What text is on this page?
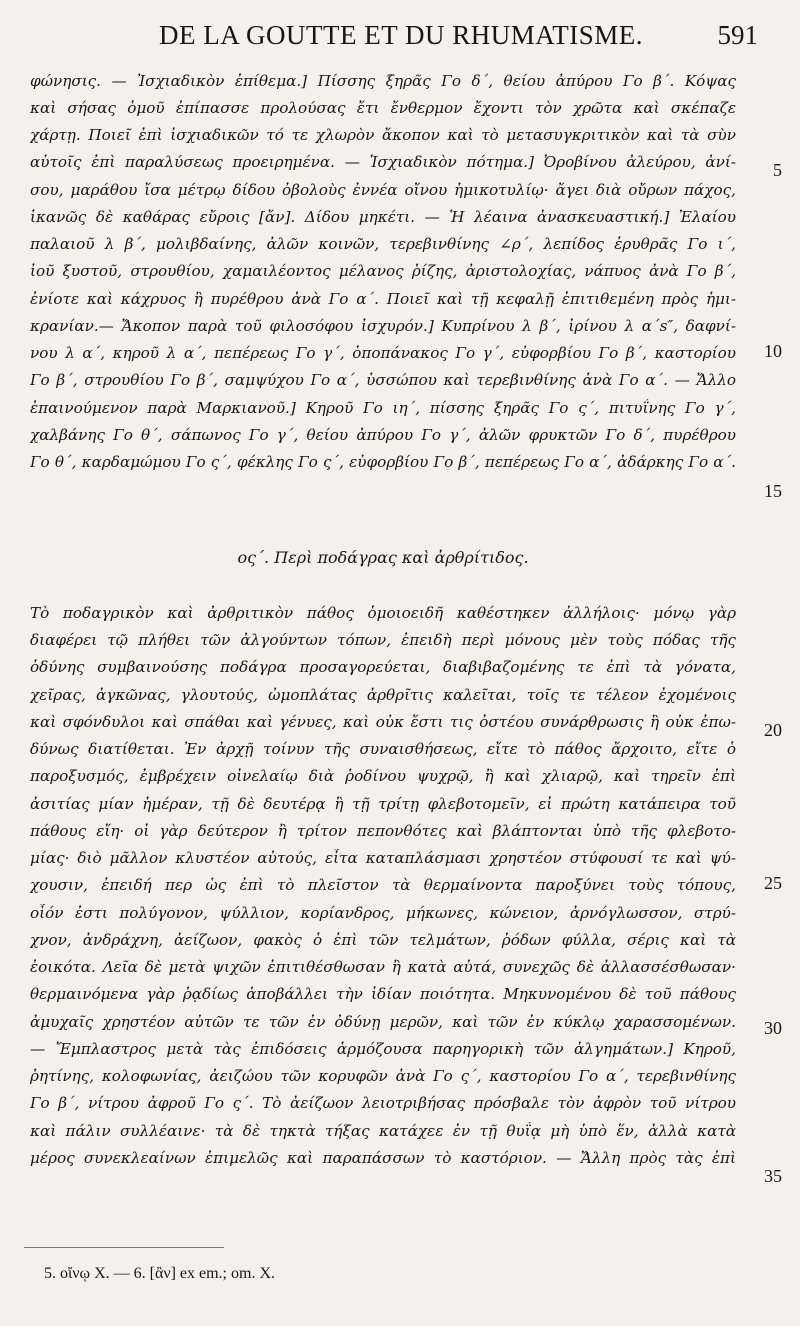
DE LA GOUTTE ET DU RHUMATISME.	591
φώνησις. — Ἰσχιαδικὸν ἐπίθεμα.] Πίσσης ξηρᾶς Γο δ΄, θείου ἀπύρου Γο β΄. Κόψας
καὶ σήσας ὁμοῦ ἐπίπασσε προλούσας ἔτι ἔνθερμον ἔχοντι τὸν χρῶτα καὶ σκέπαζε
χάρτῃ. Ποιεῖ ἐπὶ ἰσχιαδικῶν τό τε χλωρὸν ἄκοπον καὶ τὸ μετασυγκριτικὸν καὶ τὰ σὺν
αὐτοῖς ἐπὶ παραλύσεως προειρημένα. — Ἰσχιαδικὸν πότημα.] Ὀροβίνου ἀλεύρου, ἀνί-
σου, μαράθου ἴσα μέτρῳ δίδου ὀβολοὺς ἐννέα οἴνου ἡμικοτυλίῳ· ἄγει διὰ οὔρων πάχος,
ἱκανῶς δὲ καθάρας εὔροις [ἄν]. Δίδου μηκέτι. — Ἡ λέαινα ἀνασκευαστική.] Ἐλαίου
παλαιοῦ λ β΄, μολιβδαίνης, ἀλῶν κοινῶν, τερεβινθίνης ∠ρ΄, λεπίδος ἐρυθρᾶς Γο ι΄,
ἰοῦ ξυστοῦ, στρουθίου, χαμαιλέοντος μέλανος ῥίζης, ἀριστολοχίας, νάπυος ἀνὰ Γο β΄,
ἐνίοτε καὶ κάχρυος ἢ πυρέθρου ἀνὰ Γο α΄. Ποιεῖ καὶ τῇ κεφαλῇ ἐπιτιθεμένη πρὸς ἡμι-
κρανίαν.— Ἄκοπον παρὰ τοῦ φιλοσόφου ἰσχυρόν.] Κυπρίνου λ β΄, ἰρίνου λ α΄s″, δαφνί-
νου λ α΄, κηροῦ λ α΄, πεπέρεως Γο γ΄, ὀποπάνακος Γο γ΄, εὐφορβίου Γο β΄, καστορίου
Γο β΄, στρουθίου Γο β΄, σαμψύχου Γο α΄, ὑσσώπου καὶ τερεβινθίνης ἀνὰ Γο α΄. — Ἄλλο
ἐπαινούμενον παρὰ Μαρκιανοῦ.] Κηροῦ Γο ιη΄, πίσσης ξηρᾶς Γο ς΄, πιτυΐνης Γο γ΄,
χαλβάνης Γο θ΄, σάπωνος Γο γ΄, θείου ἀπύρου Γο γ΄, ἀλῶν φρυκτῶν Γο δ΄, πυρέθρου
Γο θ΄, καρδαμώμου Γο ς΄, φέκλης Γο ς΄, εὐφορβίου Γο β΄, πεπέρεως Γο α΄, ἀδάρκης Γο α΄.
ος΄. Περὶ ποδάγρας καὶ ἀρθρίτιδος.
Τὸ ποδαγρικὸν καὶ ἀρθριτικὸν πάθος ὁμοιοειδῆ καθέστηκεν ἀλλήλοις· μόνῳ γὰρ
διαφέρει τῷ πλήθει τῶν ἀλγούντων τόπων, ἐπειδὴ περὶ μόνους μὲν τοὺς πόδας τῆς
ὀδύνης συμβαινούσης ποδάγρα προσαγορεύεται, διαβιβαζομένης τε ἐπὶ τὰ γόνατα,
χεῖρας, ἀγκῶνας, γλουτούς, ὠμοπλάτας ἀρθρῖτις καλεῖται, τοῖς τε τέλεον ἐχομένοις
καὶ σφόνδυλοι καὶ σπάθαι καὶ γένυες, καὶ οὐκ ἔστι τις ὀστέου συνάρθρωσις ἢ οὐκ ἐπω-
δύνως διατίθεται. Ἐν ἀρχῇ τοίνυν τῆς συναισθήσεως, εἴτε τὸ πάθος ἄρχοιτο, εἴτε ὁ
παροξυσμός, ἐμβρέχειν οἰνελαίῳ διὰ ῥοδίνου ψυχρῷ, ἢ καὶ χλιαρῷ, καὶ τηρεῖν ἐπὶ
ἀσιτίας μίαν ἡμέραν, τῇ δὲ δευτέρᾳ ἢ τῇ τρίτῃ φλεβοτομεῖν, εἰ πρώτη κατάπειρα τοῦ
πάθους εἴη· οἱ γὰρ δεύτερον ἢ τρίτον πεπονθότες καὶ βλάπτονται ὑπὸ τῆς φλεβοτο-
μίας· διὸ μᾶλλον κλυστέον αὐτούς, εἶτα καταπλάσμασι χρηστέον στύφουσί τε καὶ ψύ-
χουσιν, ἐπειδή περ ὡς ἐπὶ τὸ πλεῖστον τὰ θερμαίνοντα παροξύνει τοὺς τόπους,
οἷόν ἐστι πολύγονον, ψύλλιον, κορίανδρος, μήκωνες, κώνειον, ἀρνόγλωσσον, στρύ-
χνον, ἀνδράχνη, ἀείζωον, φακὸς ὁ ἐπὶ τῶν τελμάτων, ῥόδων φύλλα, σέρις καὶ τὰ
ἐοικότα. Λεῖα δὲ μετὰ ψιχῶν ἐπιτιθέσθωσαν ἢ κατὰ αὐτά, συνεχῶς δὲ ἀλλασσέσθωσαν·
θερμαινόμενα γὰρ ῥᾳδίως ἀποβάλλει τὴν ἰδίαν ποιότητα. Μηκυνομένου δὲ τοῦ πάθους
ἀμυχαῖς χρηστέον αὐτῶν τε τῶν ἐν ὀδύνῃ μερῶν, καὶ τῶν ἐν κύκλῳ χαρασσομένων.
— Ἔμπλαστρος μετὰ τὰς ἐπιδόσεις ἁρμόζουσα παρηγορικὴ τῶν ἀλγημάτων.] Κηροῦ,
ῥητίνης, κολοφωνίας, ἀειζώου τῶν κορυφῶν ἀνὰ Γο ς΄, καστορίου Γο α΄, τερεβινθίνης
Γο β΄, νίτρου ἀφροῦ Γο ς΄. Τὸ ἀείζωον λειοτριβήσας πρόσβαλε τὸν ἀφρὸν τοῦ νίτρου
καὶ πάλιν συλλέαινε· τὰ δὲ τηκτὰ τήξας κατάχεε ἐν τῇ θυΐᾳ μὴ ὑπὸ ἕν, ἀλλὰ κατὰ
μέρος συνεκλεαίνων ἐπιμελῶς καὶ παραπάσσων τὸ καστόριον. — Ἄλλη πρὸς τὰς ἐπὶ
5
10
15
20
25
30
35
5. οἴνῳ X. — 6. [ἂν] ex em.; om. X.
